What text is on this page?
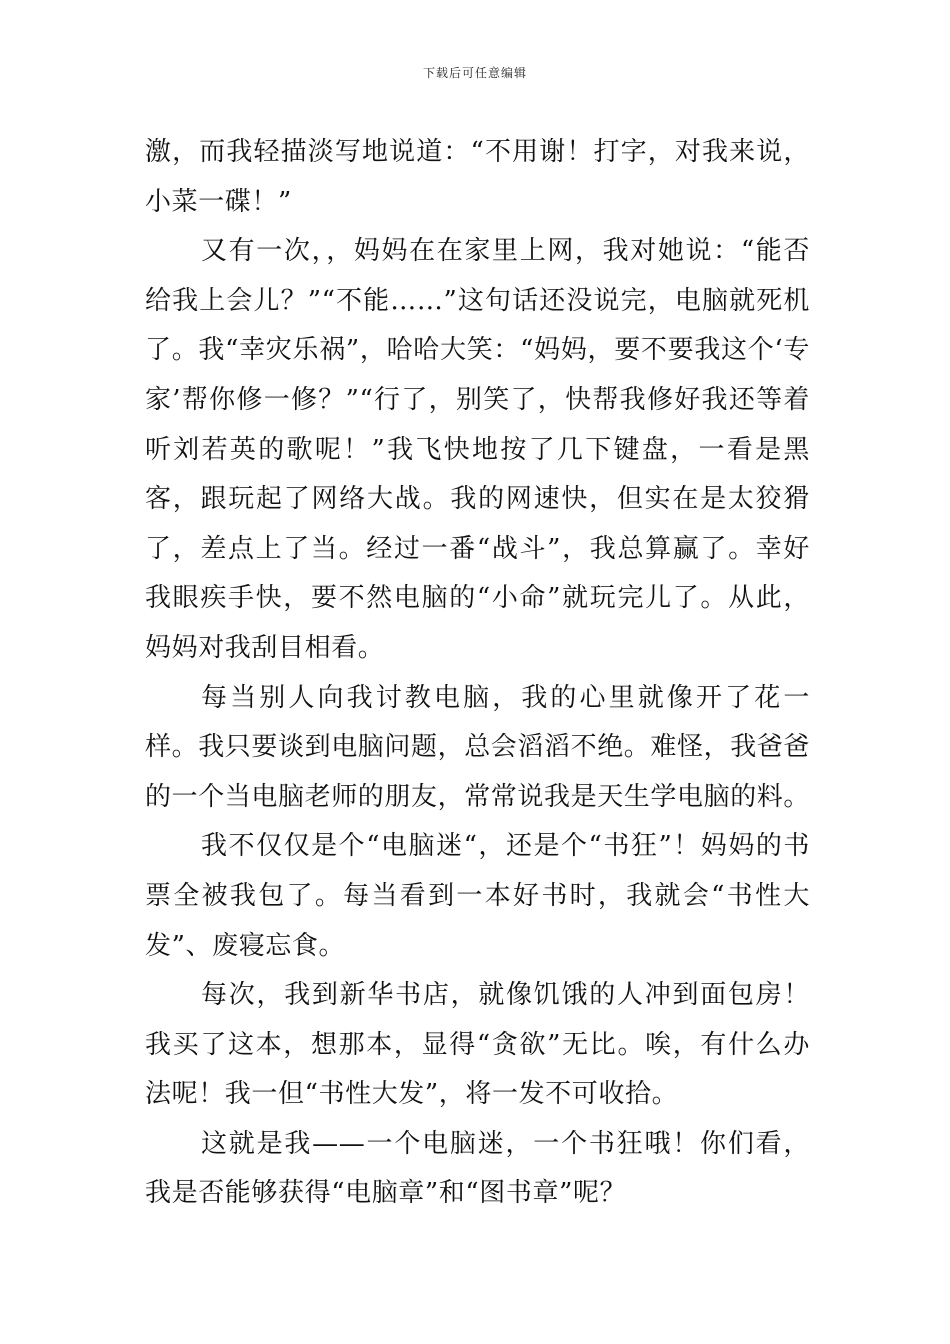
下载后可任意编辑

激，而我轻描淡写地说道：“不用谢！打字，对我来说，小菜一碟！”

又有一次，，妈妈在在家里上网，我对她说：“能否给我上会儿？”“不能……”这句话还没说完，电脑就死机了。我“幸灾乐祸”，哈哈大笑：“妈妈，要不要我这个‘专家’帮你修一修？”“行了，别笑了，快帮我修好我还等着听刘若英的歌呢！”我飞快地按了几下键盘，一看是黑客，跟玩起了网络大战。我的网速快，但实在是太狡猾了，差点上了当。经过一番“战斗”，我总算赢了。幸好我眼疾手快，要不然电脑的“小命”就玩完儿了。从此，妈妈对我刮目相看。

每当别人向我讨教电脑，我的心里就像开了花一样。我只要谈到电脑问题，总会滔滔不绝。难怪，我爸爸的一个当电脑老师的朋友，常常说我是天生学电脑的料。

我不仅仅是个“电脑迷“，还是个“书狂”！妈妈的书票全被我包了。每当看到一本好书时，我就会“书性大发”、废寝忘食。

每次，我到新华书店，就像饥饿的人冲到面包房！我买了这本，想那本，显得“贪欲”无比。唉，有什么办法呢！我一但“书性大发”，将一发不可收拾。

这就是我——一个电脑迷，一个书狂哦！你们看，我是否能够获得“电脑章”和“图书章”呢？
